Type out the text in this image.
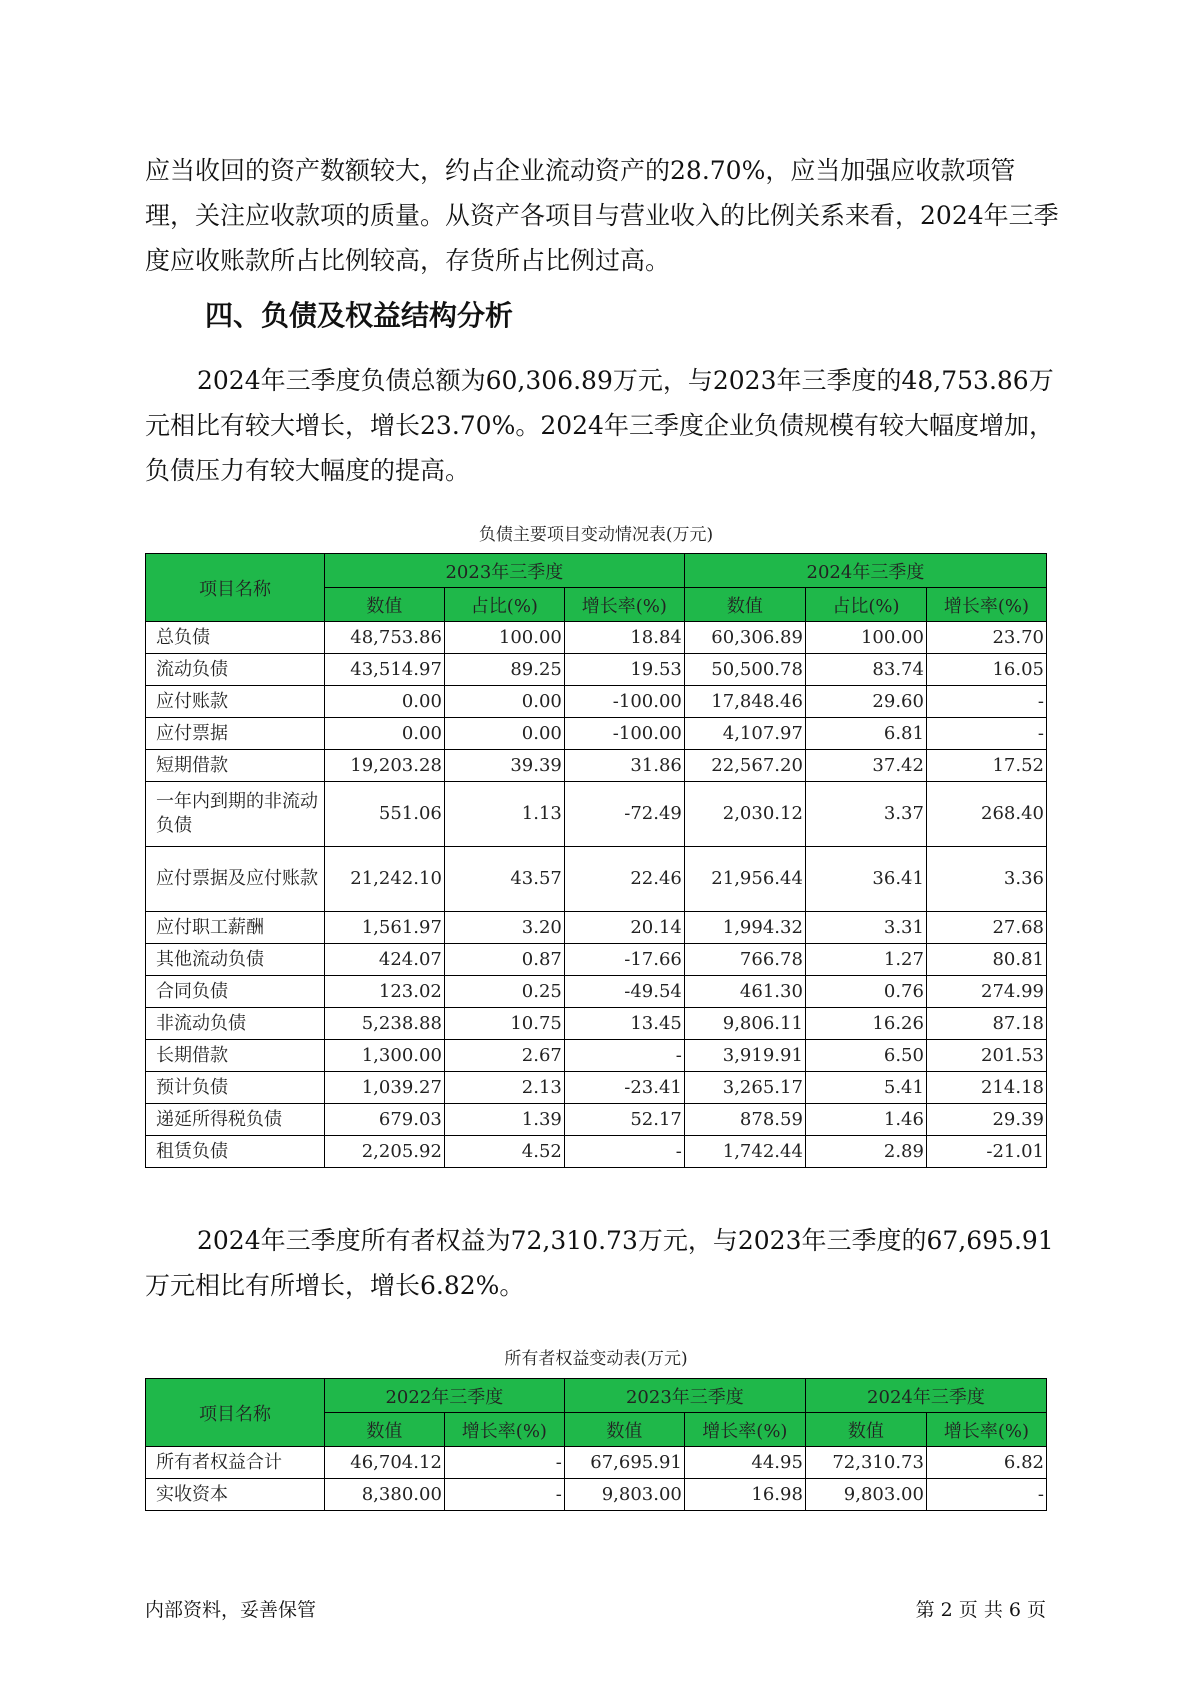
应当收回的资产数额较大，约占企业流动资产的28.70%，应当加强应收款项管理，关注应收款项的质量。从资产各项目与营业收入的比例关系来看，2024年三季度应收账款所占比例较高，存货所占比例过高。

四、负债及权益结构分析

2024年三季度负债总额为60,306.89万元，与2023年三季度的48,753.86万元相比有较大增长，增长23.70%。2024年三季度企业负债规模有较大幅度增加，负债压力有较大幅度的提高。

负债主要项目变动情况表(万元)
项目名称	2023年三季度			2024年三季度		
	数值	占比(%)	增长率(%)	数值	占比(%)	增长率(%)
总负债	48,753.86	100.00	18.84	60,306.89	100.00	23.70
流动负债	43,514.97	89.25	19.53	50,500.78	83.74	16.05
应付账款	0.00	0.00	-100.00	17,848.46	29.60	-
应付票据	0.00	0.00	-100.00	4,107.97	6.81	-
短期借款	19,203.28	39.39	31.86	22,567.20	37.42	17.52
一年内到期的非流动负债	551.06	1.13	-72.49	2,030.12	3.37	268.40
应付票据及应付账款	21,242.10	43.57	22.46	21,956.44	36.41	3.36
应付职工薪酬	1,561.97	3.20	20.14	1,994.32	3.31	27.68
其他流动负债	424.07	0.87	-17.66	766.78	1.27	80.81
合同负债	123.02	0.25	-49.54	461.30	0.76	274.99
非流动负债	5,238.88	10.75	13.45	9,806.11	16.26	87.18
长期借款	1,300.00	2.67	-	3,919.91	6.50	201.53
预计负债	1,039.27	2.13	-23.41	3,265.17	5.41	214.18
递延所得税负债	679.03	1.39	52.17	878.59	1.46	29.39
租赁负债	2,205.92	4.52	-	1,742.44	2.89	-21.01

2024年三季度所有者权益为72,310.73万元，与2023年三季度的67,695.91万元相比有所增长，增长6.82%。

所有者权益变动表(万元)
项目名称	2022年三季度		2023年三季度		2024年三季度	
	数值	增长率(%)	数值	增长率(%)	数值	增长率(%)
所有者权益合计	46,704.12	-	67,695.91	44.95	72,310.73	6.82
实收资本	8,380.00	-	9,803.00	16.98	9,803.00	-
内部资料，妥善保管	第 2 页 共 6 页
